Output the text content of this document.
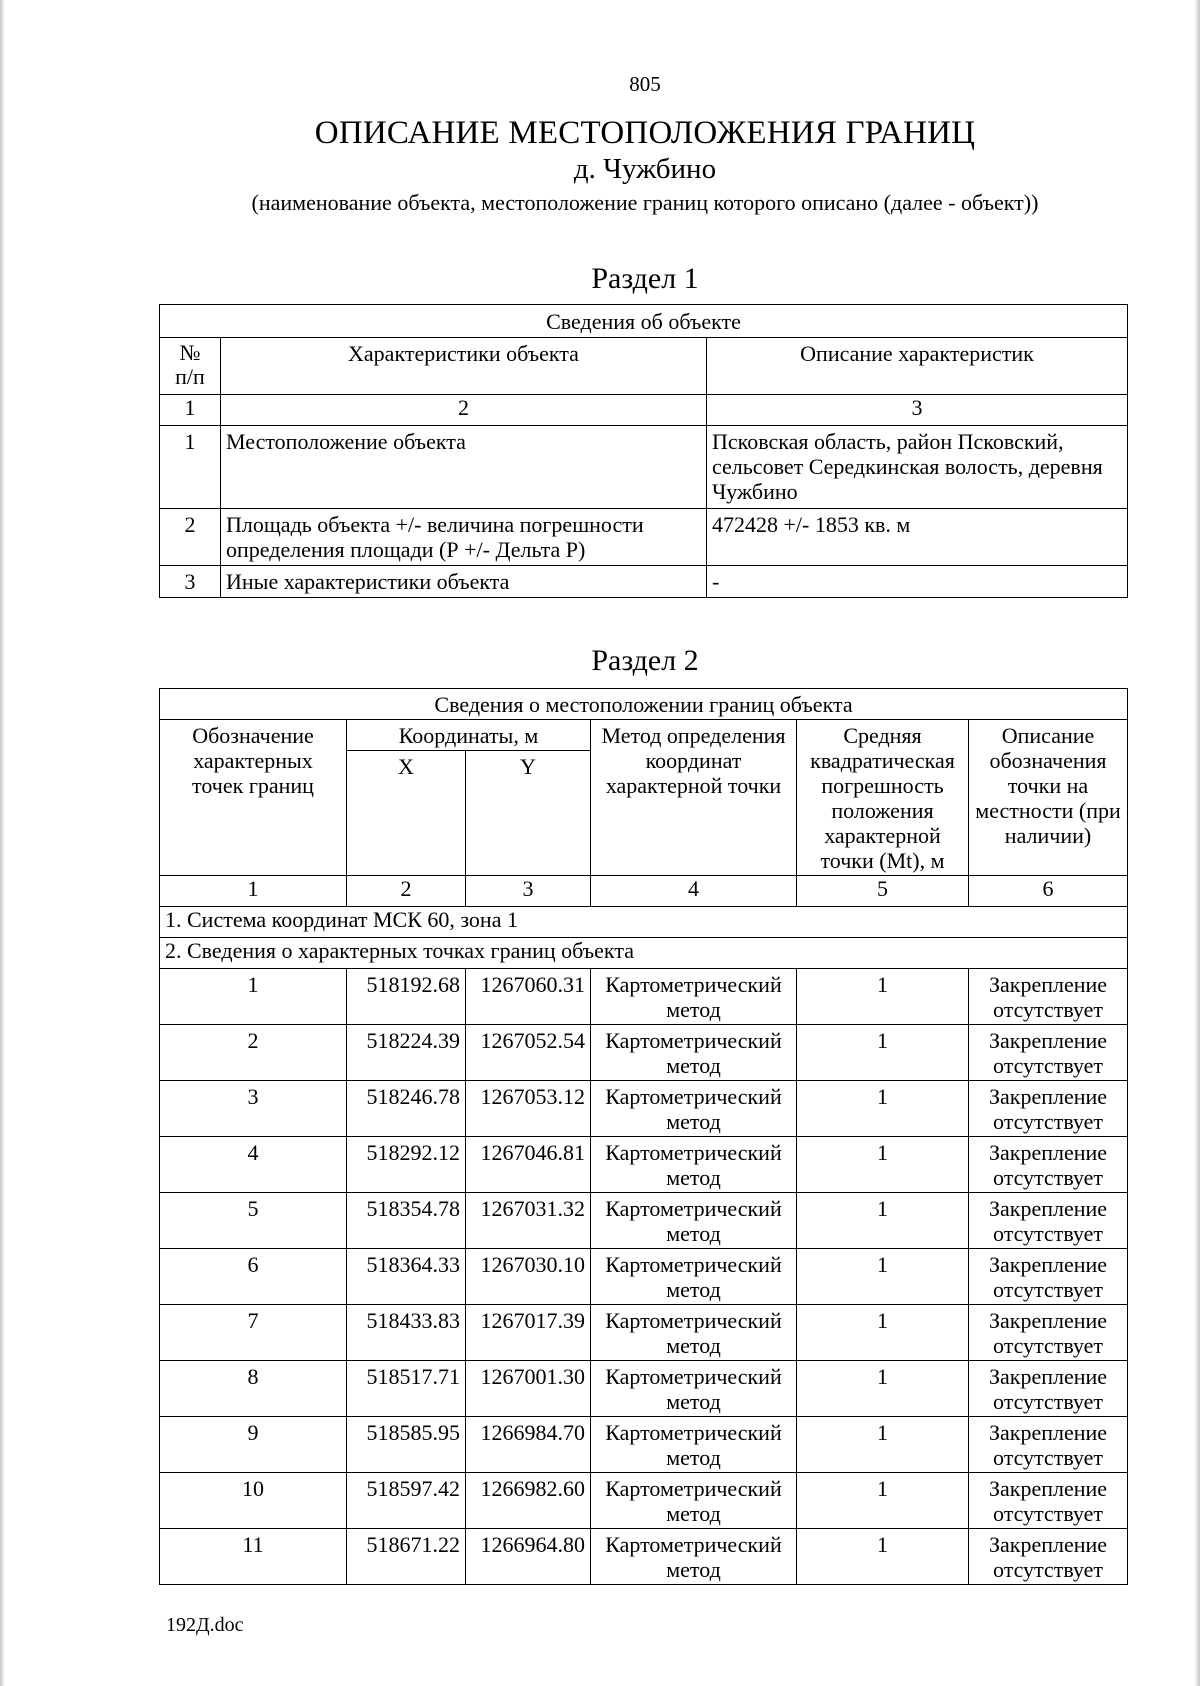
805
ОПИСАНИЕ МЕСТОПОЛОЖЕНИЯ ГРАНИЦ
д. Чужбино
(наименование объекта, местоположение границ которого описано (далее - объект))
Раздел 1
Сведения об объекте		
№
п/п	Характеристики объекта	Описание характеристик
1	2	3
1	Местоположение объекта	Псковская область, район Псковский, сельсовет Середкинская волость, деревня Чужбино
2	Площадь объекта +/- величина погрешности определения площади (Р +/- Дельта Р)	472428 +/- 1853 кв. м
3	Иные характеристики объекта	-
Раздел 2
Сведения о местоположении границ объекта					
Обозначение характерных точек границ	Координаты, м		Метод определения координат характерной точки	Средняя квадратическая погрешность положения характерной точки (Мt), м	Описание обозначения точки на местности (при наличии)
	X	Y			
1	2	3	4	5	6
1. Система координат МСК 60, зона 1					
2. Сведения о характерных точках границ объекта					
1	518192.68	1267060.31	Картометрический метод	1	Закрепление отсутствует
2	518224.39	1267052.54	Картометрический метод	1	Закрепление отсутствует
3	518246.78	1267053.12	Картометрический метод	1	Закрепление отсутствует
4	518292.12	1267046.81	Картометрический метод	1	Закрепление отсутствует
5	518354.78	1267031.32	Картометрический метод	1	Закрепление отсутствует
6	518364.33	1267030.10	Картометрический метод	1	Закрепление отсутствует
7	518433.83	1267017.39	Картометрический метод	1	Закрепление отсутствует
8	518517.71	1267001.30	Картометрический метод	1	Закрепление отсутствует
9	518585.95	1266984.70	Картометрический метод	1	Закрепление отсутствует
10	518597.42	1266982.60	Картометрический метод	1	Закрепление отсутствует
11	518671.22	1266964.80	Картометрический метод	1	Закрепление отсутствует
192Д.doc
